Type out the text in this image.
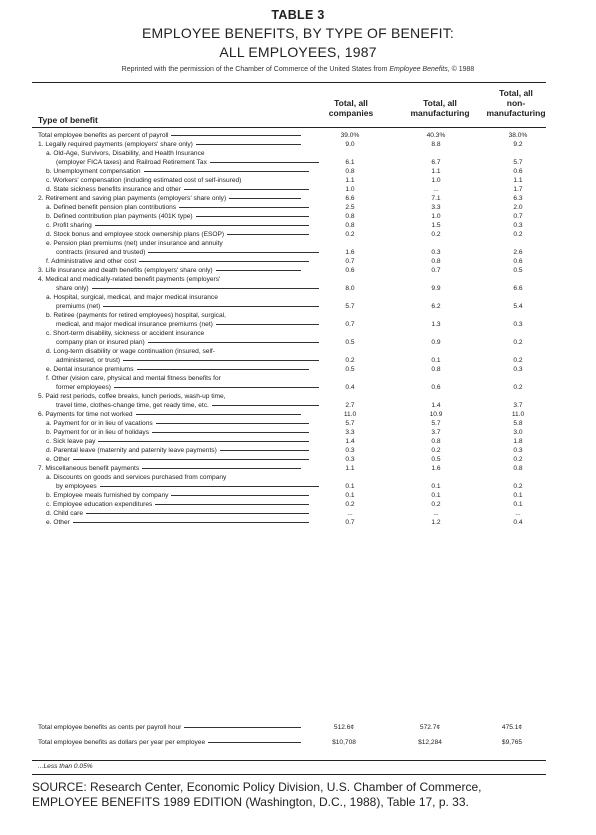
TABLE 3
EMPLOYEE BENEFITS, BY TYPE OF BENEFIT:
ALL EMPLOYEES, 1987
Reprinted with the permission of the Chamber of Commerce of the United States from Employee Benefits, © 1988
Total, all
companies
Total, all
manufacturing
Total, all
non-
manufacturing
Type of benefit
Total employee benefits as percent of payroll	39.0%	40.3%	38.0%
1. Legally required payments (employers' share only)	9.0	8.8	9.2
a. Old-Age, Survivors, Disability, and Health Insurance
(employer FICA taxes) and Railroad Retirement Tax	6.1	6.7	5.7
b. Unemployment compensation	0.8	1.1	0.6
c. Workers' compensation (including estimated cost of self-insured)	1.1	1.0	1.1
d. State sickness benefits insurance and other	1.0	...	1.7
2. Retirement and saving plan payments (employers' share only)	6.6	7.1	6.3
a. Defined benefit pension plan contributions	2.5	3.3	2.0
b. Defined contribution plan payments (401K type)	0.8	1.0	0.7
c. Profit sharing	0.8	1.5	0.3
d. Stock bonus and employee stock ownership plans (ESOP)	0.2	0.2	0.2
e. Pension plan premiums (net) under insurance and annuity
contracts (insured and trusted)	1.6	0.3	2.6
f. Administrative and other cost	0.7	0.8	0.6
3. Life insurance and death benefits (employers' share only)	0.6	0.7	0.5
4. Medical and medically-related benefit payments (employers'
share only)	8.0	9.9	6.6
a. Hospital, surgical, medical, and major medical insurance
premiums (net)	5.7	6.2	5.4
b. Retiree (payments for retired employees) hospital, surgical,
medical, and major medical insurance premiums (net)	0.7	1.3	0.3
c. Short-term disability, sickness or accident insurance
company plan or insured plan)	0.5	0.9	0.2
d. Long-term disability or wage continuation (insured, self-
administered, or trust)	0.2	0.1	0.2
e. Dental insurance premiums	0.5	0.8	0.3
f. Other (vision care, physical and mental fitness benefits for
former employees)	0.4	0.6	0.2
5. Paid rest periods, coffee breaks, lunch periods, wash-up time,
travel time, clothes-change time, get ready time, etc.	2.7	1.4	3.7
6. Payments for time not worked	11.0	10.9	11.0
a. Payment for or in lieu of vacations	5.7	5.7	5.8
b. Payment for or in lieu of holidays	3.3	3.7	3.0
c. Sick leave pay	1.4	0.8	1.8
d. Parental leave (maternity and paternity leave payments)	0.3	0.2	0.3
e. Other	0.3	0.5	0.2
7. Miscellaneous benefit payments	1.1	1.6	0.8
a. Discounts on goods and services purchased from company
by employees	0.1	0.1	0.2
b. Employee meals furnished by company	0.1	0.1	0.1
c. Employee education expenditures	0.2	0.2	0.1
d. Child care	...	...	...
e. Other	0.7	1.2	0.4
Total employee benefits as cents per payroll hour	512.6¢	572.7¢	475.1¢
Total employee benefits as dollars per year per employee	$10,708	$12,284	$9,765
...Less than 0.05%
SOURCE: Research Center, Economic Policy Division, U.S. Chamber of Commerce,
EMPLOYEE BENEFITS 1989 EDITION (Washington, D.C., 1988), Table 17, p. 33.
